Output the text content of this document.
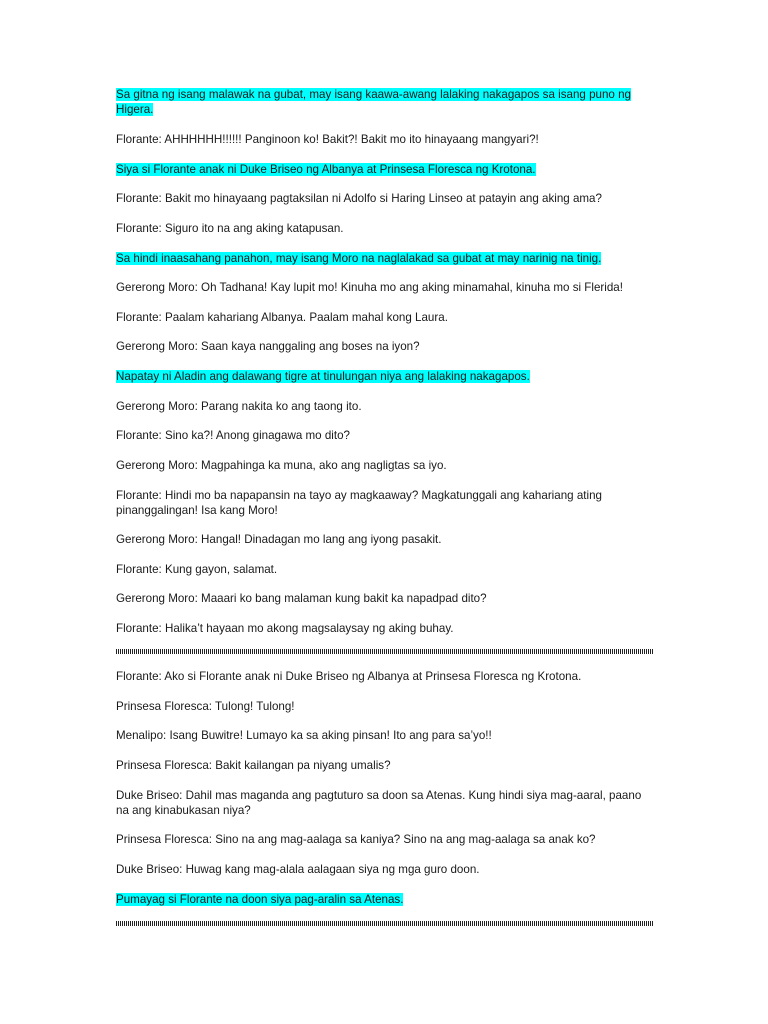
Sa gitna ng isang malawak na gubat, may isang kaawa-awang lalaking nakagapos sa isang puno ng Higera.
Florante: AHHHHHH!!!!!! Panginoon ko! Bakit?! Bakit mo ito hinayaang mangyari?!
Siya si Florante anak ni Duke Briseo ng Albanya at Prinsesa Floresca ng Krotona.
Florante: Bakit mo hinayaang pagtaksilan ni Adolfo si Haring Linseo at patayin ang aking ama?
Florante: Siguro ito na ang aking katapusan.
Sa hindi inaasahang panahon, may isang Moro na naglalakad sa gubat at may narinig na tinig.
Gererong Moro: Oh Tadhana! Kay lupit mo! Kinuha mo ang aking minamahal, kinuha mo si Flerida!
Florante: Paalam kahariang Albanya. Paalam mahal kong Laura.
Gererong Moro: Saan kaya nanggaling ang boses na iyon?
Napatay ni Aladin ang dalawang tigre at tinulungan niya ang lalaking nakagapos.
Gererong Moro: Parang nakita ko ang taong ito.
Florante: Sino ka?! Anong ginagawa mo dito?
Gererong Moro: Magpahinga ka muna, ako ang nagligtas sa iyo.
Florante: Hindi mo ba napapansin na tayo ay magkaaway? Magkatunggali ang kahariang ating pinanggalingan! Isa kang Moro!
Gererong Moro: Hangal! Dinadagan mo lang ang iyong pasakit.
Florante: Kung gayon, salamat.
Gererong Moro: Maaari ko bang malaman kung bakit ka napadpad dito?
Florante: Halika’t hayaan mo akong magsalaysay ng aking buhay.
Florante: Ako si Florante anak ni Duke Briseo ng Albanya at Prinsesa Floresca ng Krotona.
Prinsesa Floresca: Tulong! Tulong!
Menalipo: Isang Buwitre! Lumayo ka sa aking pinsan! Ito ang para sa’yo!!
Prinsesa Floresca: Bakit kailangan pa niyang umalis?
Duke Briseo: Dahil mas maganda ang pagtuturo sa doon sa Atenas. Kung hindi siya mag-aaral, paano na ang kinabukasan niya?
Prinsesa Floresca: Sino na ang mag-aalaga sa kaniya? Sino na ang mag-aalaga sa anak ko?
Duke Briseo: Huwag kang mag-alala aalagaan siya ng mga guro doon.
Pumayag si Florante na doon siya pag-aralin sa Atenas.
